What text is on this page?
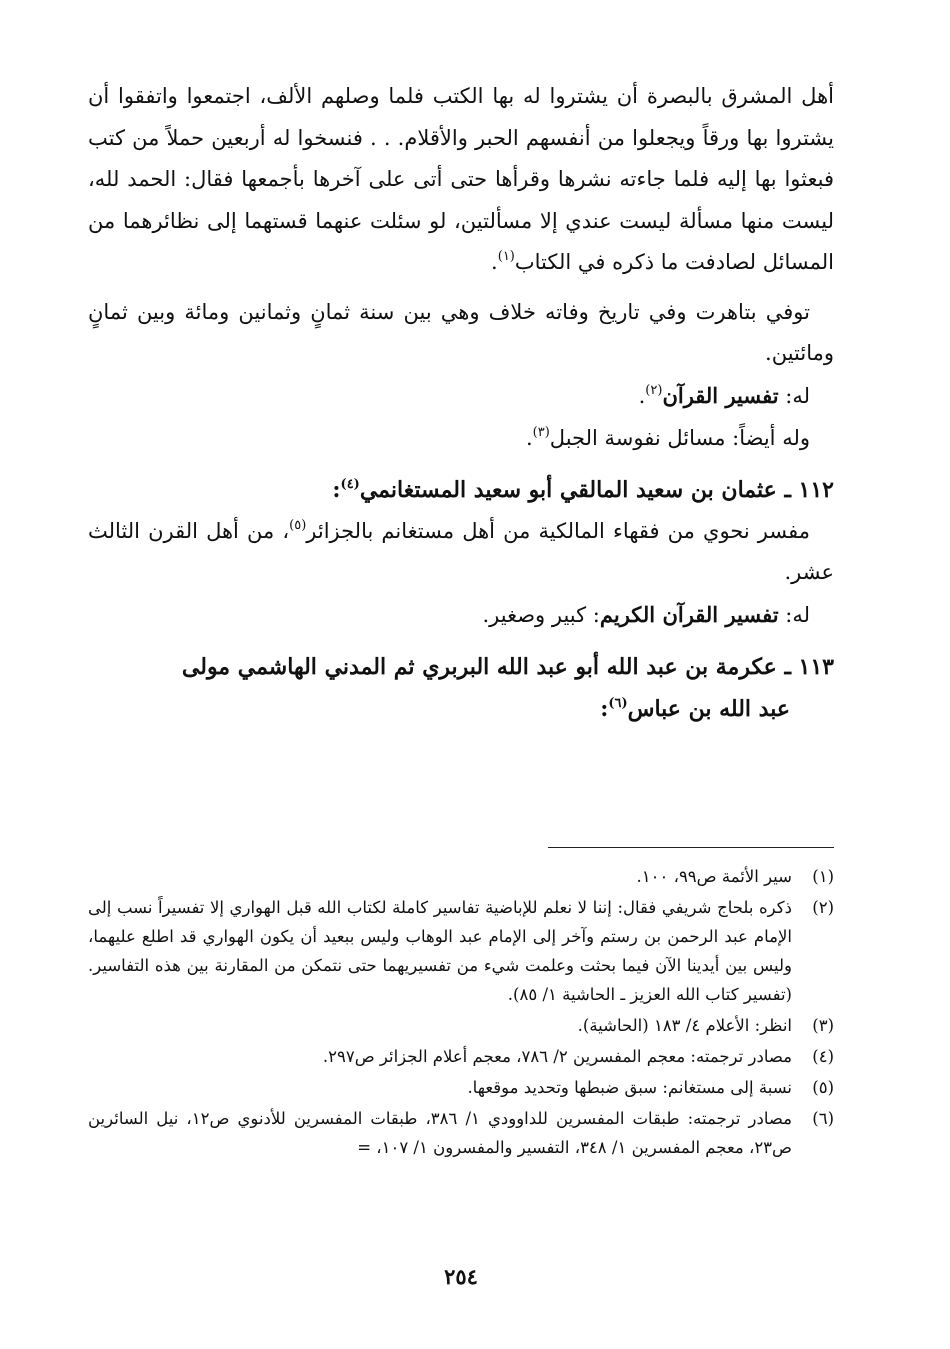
أهل المشرق بالبصرة أن يشتروا له بها الكتب فلما وصلهم الألف، اجتمعوا واتفقوا أن يشتروا بها ورقاً ويجعلوا من أنفسهم الحبر والأقلام. . . فنسخوا له أربعين حملاً من كتب فبعثوا بها إليه فلما جاءته نشرها وقرأها حتى أتى على آخرها بأجمعها فقال: الحمد لله، ليست منها مسألة ليست عندي إلا مسألتين، لو سئلت عنهما قستهما إلى نظائرهما من المسائل لصادفت ما ذكره في الكتاب$^{(١)}$.

توفي بتاهرت وفي تاريخ وفاته خلاف وهي بين سنة ثمانٍ وثمانين ومائة وبين ثمانٍ ومائتين.

له: تفسير القرآن$^{(٢)}$.

وله أيضاً: مسائل نفوسة الجبل$^{(٣)}$.

١١٢ ـ عثمان بن سعيد المالقي أبو سعيد المستغانمي$^{(٤)}$:

مفسر نحوي من فقهاء المالكية من أهل مستغانم بالجزائر$^{(٥)}$، من أهل القرن الثالث عشر.

له: تفسير القرآن الكريم: كبير وصغير.

١١٣ ـ عكرمة بن عبد الله أبو عبد الله البربري ثم المدني الهاشمي مولى
عبد الله بن عباس$^{(٦)}$:

(١)
سير الأئمة ص٩٩، ١٠٠.
(٢)
ذكره بلحاج شريفي فقال: إننا لا نعلم للإباضية تفاسير كاملة لكتاب الله قبل الهواري إلا تفسيراً نسب إلى الإمام عبد الرحمن بن رستم وآخر إلى الإمام عبد الوهاب وليس ببعيد أن يكون الهواري قد اطلع عليهما، وليس بين أيدينا الآن فيما بحثت وعلمت شيء من تفسيريهما حتى نتمكن من المقارنة بين هذه التفاسير. (تفسير كتاب الله العزيز ـ الحاشية ١/ ٨٥).
(٣)
انظر: الأعلام ٤/ ١٨٣ (الحاشية).
(٤)
مصادر ترجمته: معجم المفسرين ٢/ ٧٨٦، معجم أعلام الجزائر ص٢٩٧.
(٥)
نسبة إلى مستغانم: سبق ضبطها وتحديد موقعها.
(٦)
مصادر ترجمته: طبقات المفسرين للداوودي ١/ ٣٨٦، طبقات المفسرين للأدنوي ص١٢، نيل السائرين ص٢٣، معجم المفسرين ١/ ٣٤٨، التفسير والمفسرون ١/ ١٠٧، =
٢٥٤
